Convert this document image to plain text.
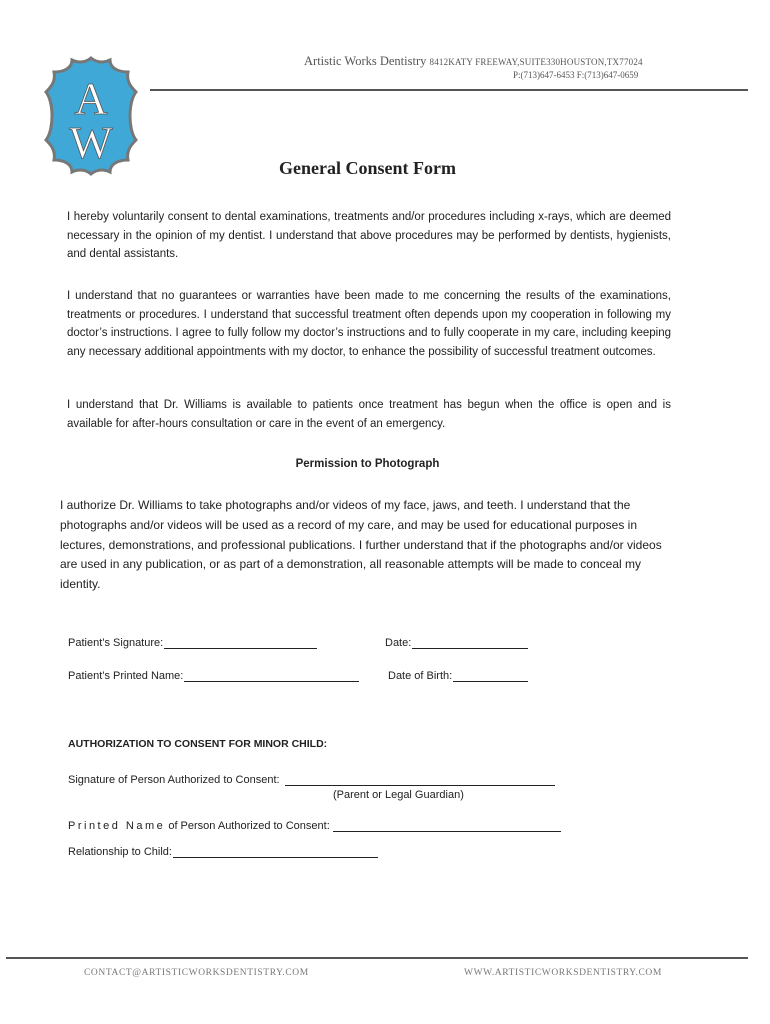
A
W
Artistic Works Dentistry 8412KATY FREEWAY,SUITE330HOUSTON,TX77024
P:(713)647-6453 F:(713)647-0659
General Consent Form

I hereby voluntarily consent to dental examinations, treatments and/or procedures including x-rays, which are deemed necessary in the opinion of my dentist. I understand that above procedures may be performed by dentists, hygienists, and dental assistants.

I understand that no guarantees or warranties have been made to me concerning the results of the examinations, treatments or procedures. I understand that successful treatment often depends upon my cooperation in following my doctor’s instructions. I agree to fully follow my doctor’s instructions and to fully cooperate in my care, including keeping any necessary additional appointments with my doctor, to enhance the possibility of successful treatment outcomes.

I understand that Dr. Williams is available to patients once treatment has begun when the office is open and is available for after-hours consultation or care in the event of an emergency.

Permission to Photograph

I authorize Dr. Williams to take photographs and/or videos of my face, jaws, and teeth. I understand that the photographs and/or videos will be used as a record of my care, and may be used for educational purposes in lectures, demonstrations, and professional publications. I further understand that if the photographs and/or videos are used in any publication, or as part of a demonstration, all reasonable attempts will be made to conceal my identity.

Patient’s Signature:	Date:
Patient’s Printed Name:	Date of Birth:
AUTHORIZATION TO CONSENT FOR MINOR CHILD:
Signature of Person Authorized to Consent:
(Parent or Legal Guardian)
Printed Name of Person Authorized to Consent:
Relationship to Child:
CONTACT@ARTISTICWORKSDENTISTRY.COM	WWW.ARTISTICWORKSDENTISTRY.COM
